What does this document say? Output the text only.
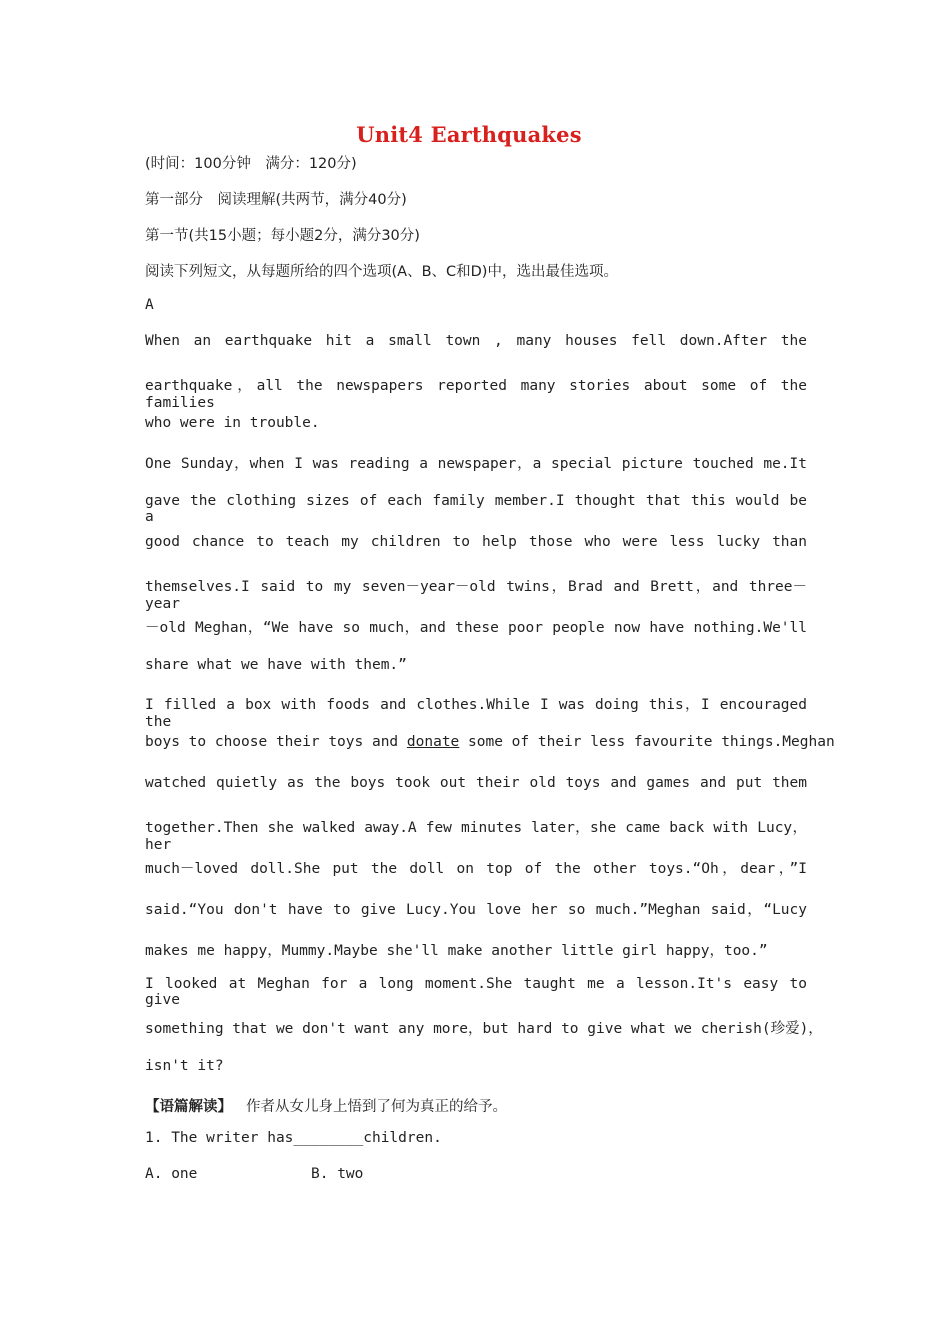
Unit4 Earthquakes
(时间：100分钟　满分：120分)
第一部分　阅读理解(共两节，满分40分)
第一节(共15小题；每小题2分，满分30分)
阅读下列短文，从每题所给的四个选项(A、B、C和D)中，选出最佳选项。
A
When an earthquake hit a small town , many houses fell down.After the
earthquake，all the newspapers reported many stories about some of the families
who were in trouble.
One Sunday，when I was reading a newspaper，a special picture touched me.It
gave the clothing sizes of each family member.I thought that this would be a
good chance to teach my children to help those who were less lucky than
themselves.I said to my seven－year－old twins，Brad and Brett，and three－year
－old Meghan，“We have so much，and these poor people now have nothing.We'll
share what we have with them.”
I filled a box with foods and clothes.While I was doing this，I encouraged the
boys to choose their toys and donate some of their less favourite things.Meghan
watched quietly as the boys took out their old toys and games and put them
together.Then she walked away.A few minutes later，she came back with Lucy，her
much－loved doll.She put the doll on top of the other toys.“Oh，dear，”I
said.“You don't have to give Lucy.You love her so much.”Meghan said，“Lucy
makes me happy，Mummy.Maybe she'll make another little girl happy，too.”
I looked at Meghan for a long moment.She taught me a lesson.It's easy to give
something that we don't want any more，but hard to give what we cherish(珍爱)，
isn't it?
【语篇解读】 作者从女儿身上悟到了何为真正的给予。
1. The writer has________children.
A. one	B. two
